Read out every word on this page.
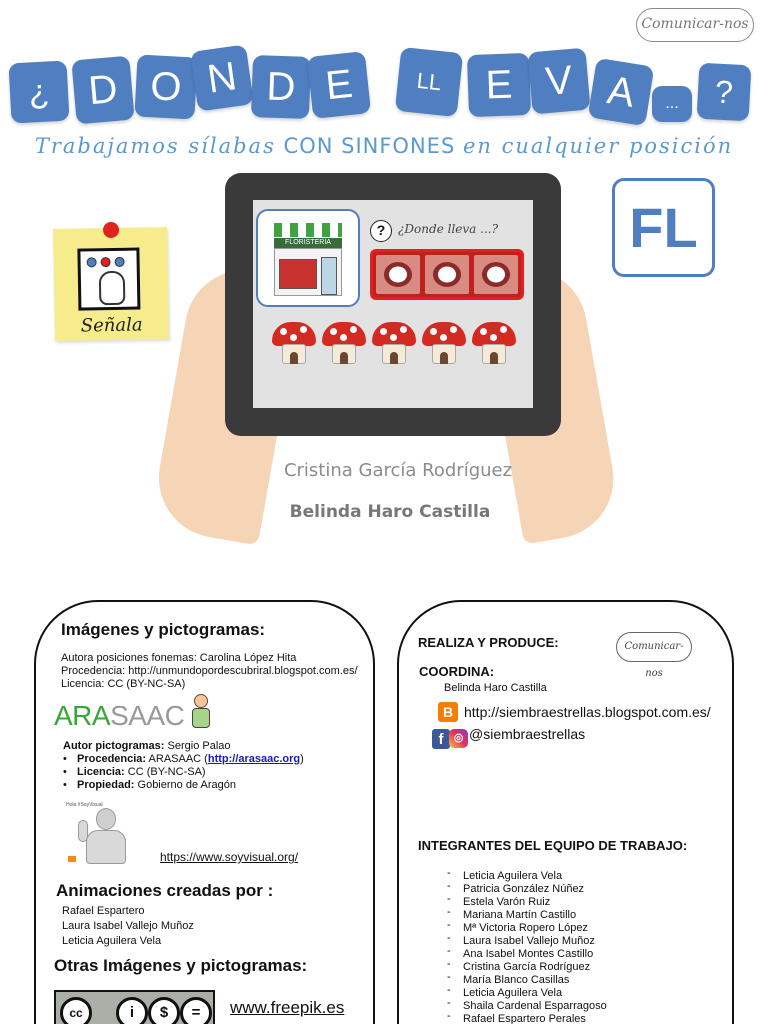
Comunicar-nos
¿ D O N D E	LL	E V A	...	?
Trabajamos sílabas CON SINFONES en cualquier posición
FL
FLORISTERÍA
?	¿Donde lleva ...?
Señala
Cristina García Rodríguez
Belinda Haro Castilla
Imágenes y pictogramas:
Autora posiciones fonemas: Carolina López Hita
Procedencia: http://unmundopordescubriral.blogspot.com.es/
Licencia: CC (BY-NC-SA)
ARASAAC
Autor pictogramas: Sergio Palao
• Procedencia: ARASAAC (http://arasaac.org)
• Licencia: CC (BY-NC-SA)
• Propiedad: Gobierno de Aragón
Hola #SoyVisual
https://www.soyvisual.org/
Animaciones creadas por :
Rafael Espartero
Laura Isabel Vallejo Muñoz
Leticia Aguilera Vela
Otras Imágenes y pictogramas:
cc	i	$	=	www.freepik.es
REALIZA Y PRODUCE:	Comunicar-nos
COORDINA:
Belinda Haro Castilla
B http://siembraestrellas.blogspot.com.es/
f ◎ @siembraestrellas
INTEGRANTES DEL EQUIPO DE TRABAJO:
- Leticia Aguilera Vela
- Patricia González Núñez
- Estela Varón Ruiz
- Mariana Martín Castillo
- Mª Victoria Ropero López
- Laura Isabel Vallejo Muñoz
- Ana Isabel Montes Castillo
- Cristina García Rodríguez
- María Blanco Casillas
- Leticia Aguilera Vela
- Shaila Cardenal Esparragoso
- Rafael Espartero Perales
